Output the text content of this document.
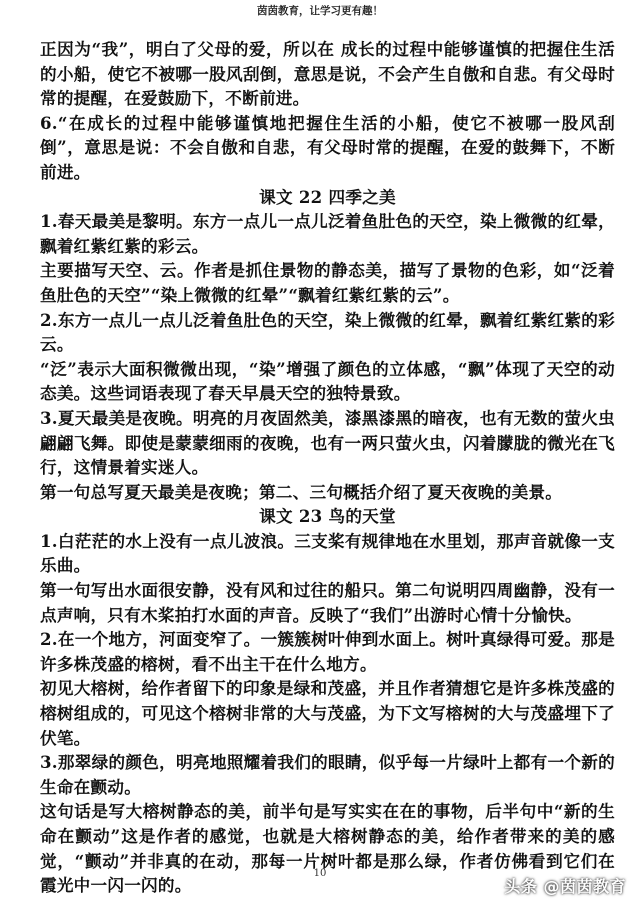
茵茵教育，让学习更有趣！

正因为“我”，明白了父母的爱，所以在 成长的过程中能够谨慎的把握住生活的小船，使它不被哪一股风刮倒，意思是说，不会产生自傲和自悲。有父母时常的提醒，在爱鼓励下，不断前进。

6.“在成长的过程中能够谨慎地把握住生活的小船，使它不被哪一股风刮倒”，意思是说：不会自傲和自悲，有父母时常的提醒，在爱的鼓舞下，不断前进。

课文 22 四季之美

1.春天最美是黎明。东方一点儿一点儿泛着鱼肚色的天空，染上微微的红晕，飘着红紫红紫的彩云。

主要描写天空、云。作者是抓住景物的静态美，描写了景物的色彩，如“泛着鱼肚色的天空”“染上微微的红晕”“飘着红紫红紫的云”。

2.东方一点儿一点儿泛着鱼肚色的天空，染上微微的红晕，飘着红紫红紫的彩云。

“泛”表示大面积微微出现，“染”增强了颜色的立体感，“飘”体现了天空的动态美。这些词语表现了春天早晨天空的独特景致。

3.夏天最美是夜晚。明亮的月夜固然美，漆黑漆黑的暗夜，也有无数的萤火虫翩翩飞舞。即使是蒙蒙细雨的夜晚，也有一两只萤火虫，闪着朦胧的微光在飞行，这情景着实迷人。

第一句总写夏天最美是夜晚；第二、三句概括介绍了夏天夜晚的美景。

课文 23 鸟的天堂

1.白茫茫的水上没有一点儿波浪。三支桨有规律地在水里划，那声音就像一支乐曲。

第一句写出水面很安静，没有风和过往的船只。第二句说明四周幽静，没有一点声响，只有木桨拍打水面的声音。反映了“我们”出游时心情十分愉快。

2.在一个地方，河面变窄了。一簇簇树叶伸到水面上。树叶真绿得可爱。那是许多株茂盛的榕树，看不出主干在什么地方。

初见大榕树，给作者留下的印象是绿和茂盛，并且作者猜想它是许多株茂盛的榕树组成的，可见这个榕树非常的大与茂盛，为下文写榕树的大与茂盛埋下了伏笔。

3.那翠绿的颜色，明亮地照耀着我们的眼睛，似乎每一片绿叶上都有一个新的生命在颤动。

这句话是写大榕树静态的美，前半句是写实实在在的事物，后半句中“新的生命在颤动”这是作者的感觉，也就是大榕树静态的美，给作者带来的美的感觉，“颤动”并非真的在动，那每一片树叶都是那么绿，作者仿佛看到它们在霞光中一闪一闪的。

10
头条 @茵茵教育
